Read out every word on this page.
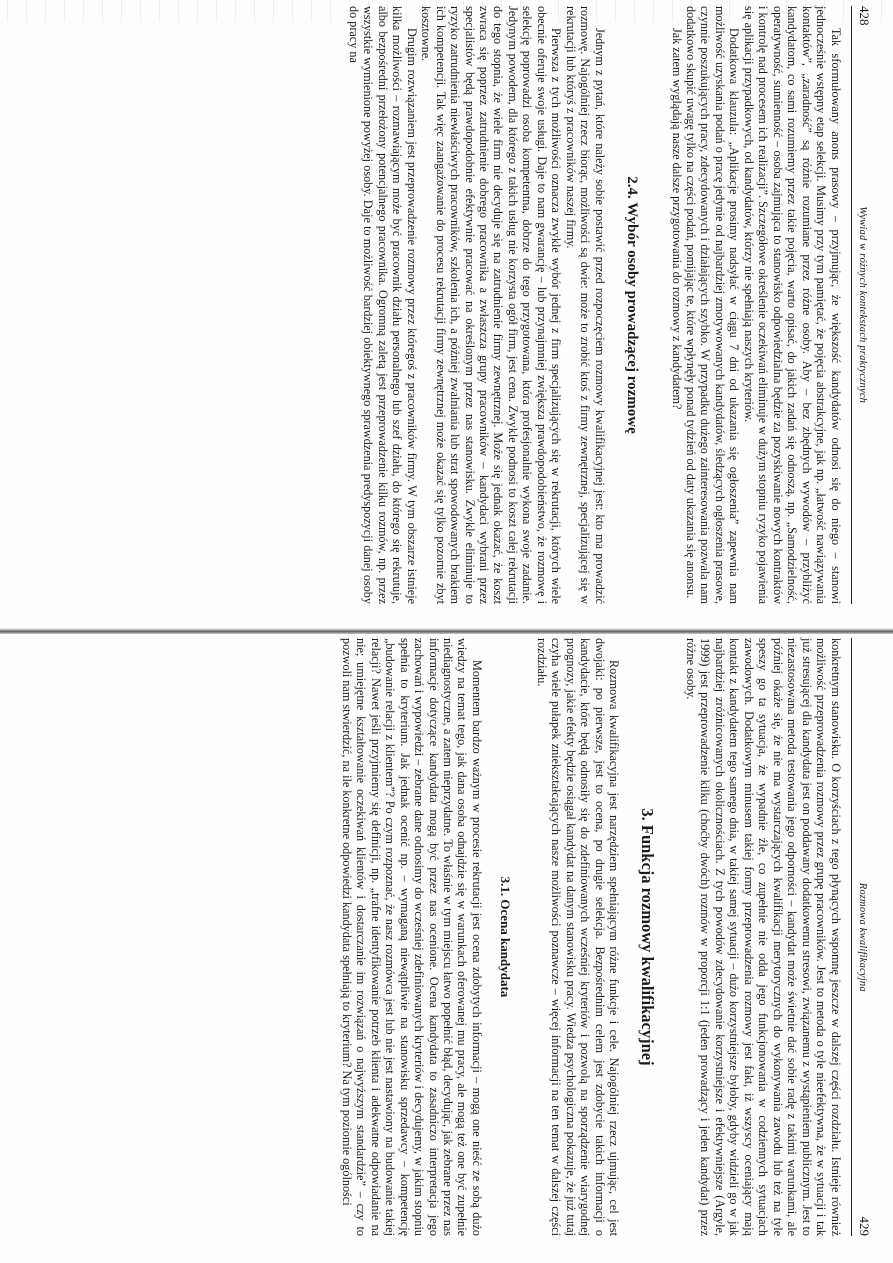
428
Wywiad w różnych kontekstach praktycznych

Tak sformułowany anons prasowy – przyjmując, że większość kandydatów odnosi się do niego – stanowi jednocześnie wstępny etap selekcji. Musimy przy tym pamiętać, że pojęcia abstrakcyjne, jak np. „łatwość nawiązywania kontaktów”, „zaradność” są różnie rozumiane przez różne osoby. Aby – bez zbędnych wywodów – przybliżyć kandydatom, co sami rozumiemy przez takie pojęcia, warto opisać, do jakich zadań się odnoszą, np. „Samodzielność, operatywność, sumienność – osoba zajmująca to stanowisko odpowiedzialna będzie za pozyskiwanie nowych kontraktów i kontrolę nad procesem ich realizacji”. Szczegółowe określenie oczekiwań eliminuje w dużym stopniu ryzyko pojawienia się aplikacji przypadkowych, od kandydatów, którzy nie spełniają naszych kryteriów.

Dodatkowa klauzula: „Aplikacje prosimy nadsyłać w ciągu 7 dni od ukazania się ogłoszenia” zapewnia nam możliwość uzyskania podań o pracę jedynie od najbardziej zmotywowanych kandydatów, śledzących ogłoszenia prasowe, czynnie poszukujących pracy, zdecydowanych i działających szybko. W przypadku dużego zainteresowania pozwala nam dodatkowo skupić uwagę tylko na części podań, pomijając te, które wpłynęły ponad tydzień od daty ukazania się anonsu.

Jak zatem wyglądają nasze dalsze przygotowania do rozmowy z kandydatem?

2.4. Wybór osoby prowadzącej rozmowę

Jednym z pytań, które należy sobie postawić przed rozpoczęciem rozmowy kwalifikacyjnej jest: kto ma prowadzić rozmowę. Najogólniej rzecz biorąc, możliwości są dwie: może to zrobić ktoś z firmy zewnętrznej, specjalizującej się w rekrutacji lub któryś z pracowników naszej firmy.

Pierwsza z tych możliwości oznacza zwykle wybór jednej z firm specjalizujących się w rekrutacji, których wiele obecnie oferuje swoje usługi. Daje to nam gwarancję – lub przynajmniej zwiększa prawdopodobieństwo, że rozmowę i selekcję poprowadzi osoba kompetentna, dobrze do tego przygotowana, która profesjonalnie wykona swoje zadanie. Jedynym powodem, dla którego z takich usług nie korzysta ogół firm, jest cena. Zwykle podnosi to koszt całej rekrutacji do tego stopnia, że wiele firm nie decyduje się na zatrudnienie firmy zewnętrznej. Może się jednak okazać, że koszt zwraca się poprzez zatrudnienie dobrego pracownika a zwłaszcza grupy pracowników – kandydaci wybrani przez specjalistów będą prawdopodobnie efektywnie pracować na określonym przez nas stanowisku. Zwykle eliminuje to ryzyko zatrudnienia niewłaściwych pracowników, szkolenia ich, a później zwalniania lub strat spowodowanych brakiem ich kompetencji. Tak więc zaangażowanie do procesu rekrutacji firmy zewnętrznej może okazać się tylko pozornie zbyt kosztowne.

Drugim rozwiązaniem jest przeprowadzenie rozmowy przez któregoś z pracowników firmy. W tym obszarze istnieje kilka możliwości – rozmawiającym może być pracownik działu personalnego lub szef działu, do którego się rekrutuje, albo bezpośredni przełożony potencjalnego pracownika. Ogromną zaletą jest przeprowadzenie kilku rozmów, np. przez wszystkie wymienione powyżej osoby. Daje to możliwość bardziej obiektywnego sprawdzenia predyspozycji danej osoby do pracy na

Rozmowa kwalifikacyjna
429

konkretnym stanowisku. O korzyściach z tego płynących wspomnę jeszcze w dalszej części rozdziału. Istnieje również możliwość przeprowadzenia rozmowy przez grupę pracowników. Jest to metoda o tyle nieefektywna, że w sytuacji i tak już stresującej dla kandydata jest on poddawany dodatkowemu stresowi, związanemu z wystąpieniem publicznym. Jest to niezastosowana metoda testowania jego odporności – kandydat może świetnie dać sobie radę z takimi warunkami, ale później okaże się, że nie ma wystarczających kwalifikacji merytorycznych do wykonywania zawodu lub też na tyle speszy go ta sytuacja, że wypadnie źle, co zupełnie nie odda jego funkcjonowania w codziennych sytuacjach zawodowych. Dodatkowym minusem takiej formy przeprowadzenia rozmowy jest fakt, iż wszyscy oceniający mają kontakt z kandydatem tego samego dnia, w takiej samej sytuacji – dużo korzystniejsze byłoby, gdyby widzieli go w jak najbardziej zróżnicowanych okolicznościach. Z tych powodów zdecydowanie korzystniejsze i efektywniejsze (Argyle, 1999) jest przeprowadzenie kilku (choćby dwóch) rozmów w proporcji 1:1 (jeden prowadzący i jeden kandydat) przez różne osoby.

3. Funkcja rozmowy kwalifikacyjnej

Rozmowa kwalifikacyjna jest narzędziem spełniającym różne funkcje i cele. Najogólniej rzecz ujmując, cel jest dwojaki: po pierwsze, jest to ocena, po drugie selekcja. Bezpośrednim celem jest zdobycie takich informacji o kandydacie, które będą odnosiły się do zdefiniowanych wcześniej kryteriów i pozwolą na sporządzenie wiarygodnej prognozy, jakie efekty będzie osiągał kandydat na danym stanowisku pracy. Wiedza psychologiczna pokazuje, że już tutaj czyha wiele pułapek zniekształcających nasze możliwości poznawcze – więcej informacji na ten temat w dalszej części rozdziału.

3.1. Ocena kandydata

Momentem bardzo ważnym w procesie rekrutacji jest ocena zdobytych informacji – mogą one nieść ze sobą dużo wiedzy na temat tego, jak dana osoba odnajdzie się w warunkach oferowanej mu pracy, ale mogą też one być zupełnie niediagnostyczne, a zatem nieprzydatne. To właśnie w tym miejscu łatwo popełnić błąd, decydując, jak zebrane przez nas informacje dotyczące kandydata mogą być przez nas ocenione. Ocena kandydata to zasadniczo interpretacja jego zachowań i wypowiedzi – zebrane dane odnosimy do wcześniej zdefiniowanych kryteriów i decydujemy, w jakim stopniu spełnia to kryterium. Jak jednak ocenić np. – wymaganą niewątpliwie na stanowisku sprzedawcy – kompetencję „budowanie relacji z klientem”? Po czym rozpoznać, że nasz rozmówca jest lub nie jest nastawiony na budowanie takiej relacji? Nawet jeśli przyjmiemy się definicji, np. „trafne identyfikowanie potrzeb klienta i adekwatne odpowiadanie na nie; umiejętne kształtowanie oczekiwań klientów i dostarczanie im rozwiązań o najwyższym standardzie” – czy to pozwoli nam stwierdzić, na ile konkretne odpowiedzi kandydata spełniają to kryterium? Na tym poziomie ogólności
